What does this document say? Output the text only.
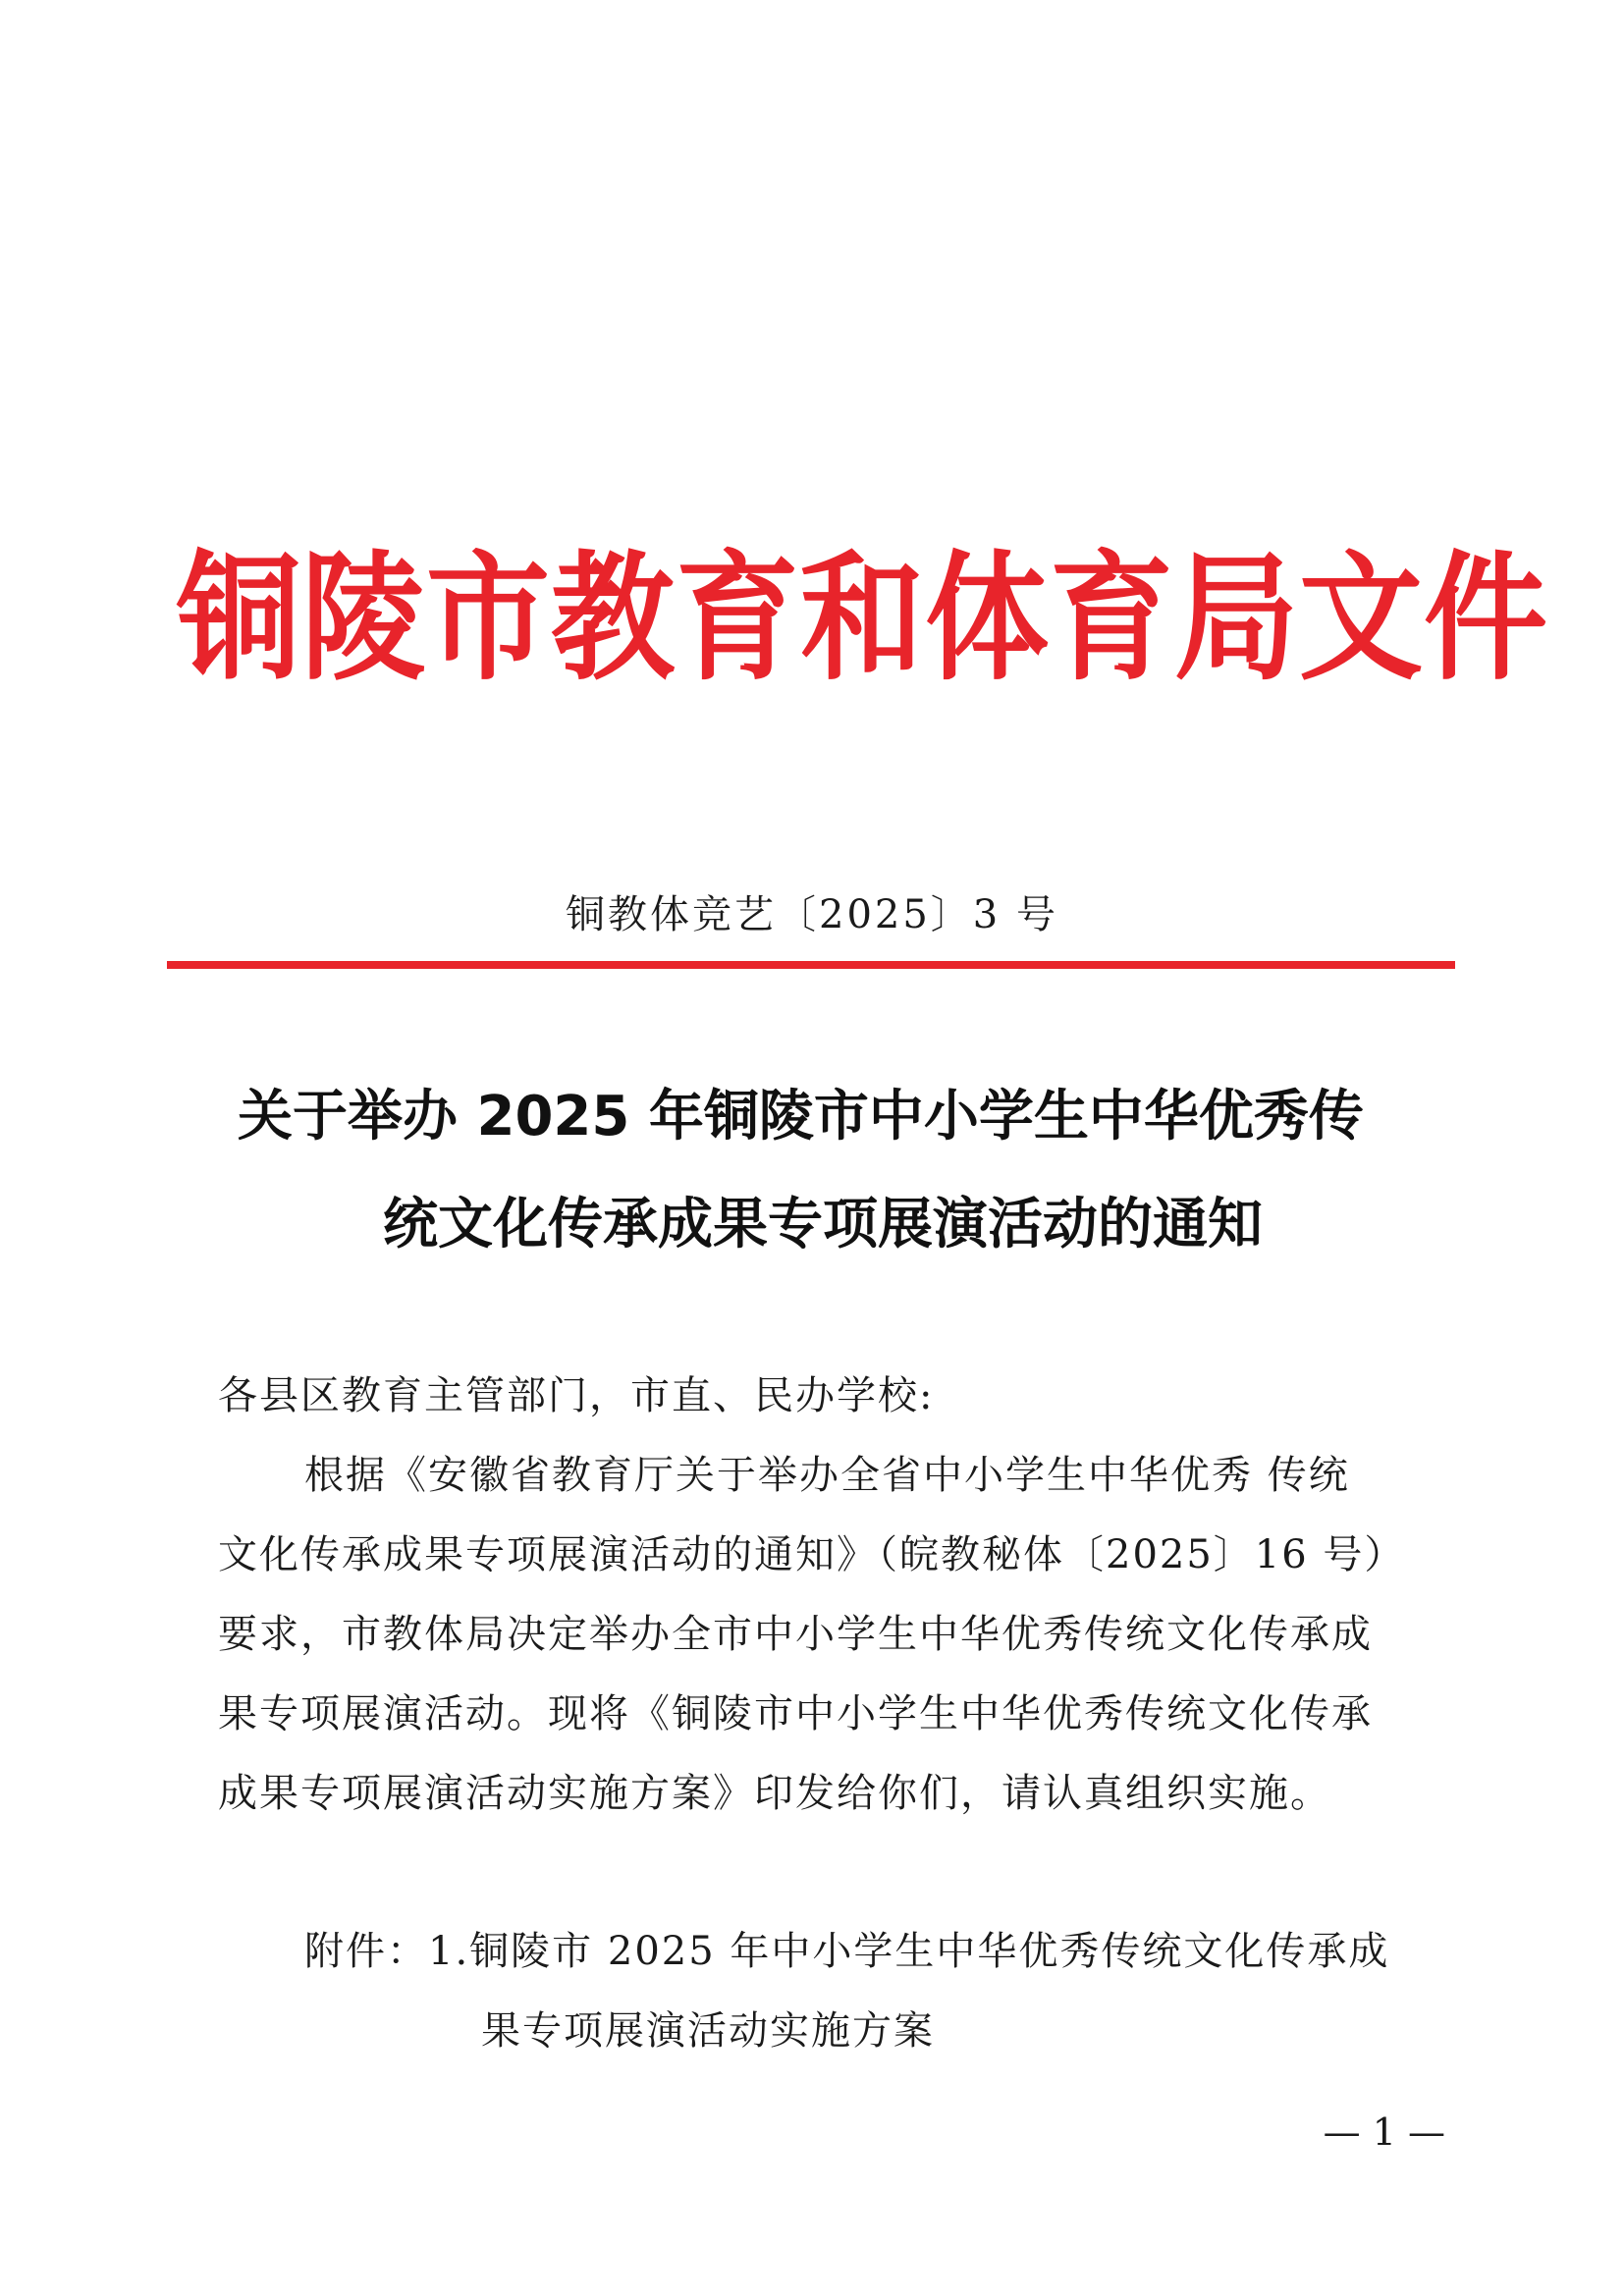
铜陵市教育和体育局文件
铜教体竞艺〔2025〕3 号
关于举办 2025 年铜陵市中小学生中华优秀传
统文化传承成果专项展演活动的通知
各县区教育主管部门，市直、民办学校:
根据《安徽省教育厅关于举办全省中小学生中华优秀 传统
文化传承成果专项展演活动的通知》（皖教秘体〔2025〕16 号）
要求，市教体局决定举办全市中小学生中华优秀传统文化传承成
果专项展演活动。现将《铜陵市中小学生中华优秀传统文化传承
成果专项展演活动实施方案》印发给你们，请认真组织实施。
附件：1.铜陵市 2025 年中小学生中华优秀传统文化传承成
果专项展演活动实施方案
— 1 —
